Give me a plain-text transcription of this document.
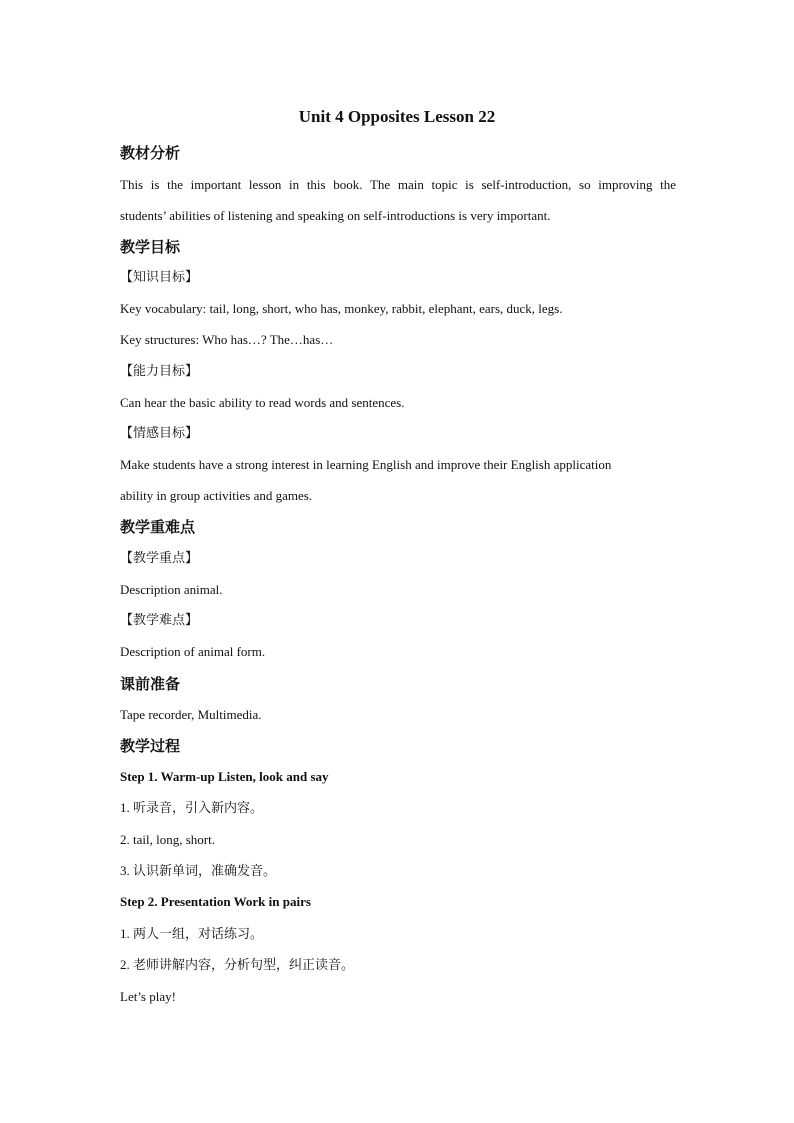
Unit 4 Opposites Lesson 22
教材分析
This is the important lesson in this book. The main topic is self-introduction, so improving the
students’ abilities of listening and speaking on self-introductions is very important.
教学目标
【知识目标】
Key vocabulary: tail, long, short, who has, monkey, rabbit, elephant, ears, duck, legs.
Key structures: Who has…? The…has…
【能力目标】
Can hear the basic ability to read words and sentences.
【情感目标】
Make students have a strong interest in learning English and improve their English application
ability in group activities and games.
教学重难点
【教学重点】
Description animal.
【教学难点】
Description of animal form.
课前准备
Tape recorder, Multimedia.
教学过程
Step 1. Warm-up Listen, look and say
1. 听录音，引入新内容。
2. tail, long, short.
3. 认识新单词，准确发音。
Step 2. Presentation Work in pairs
1. 两人一组，对话练习。
2. 老师讲解内容，分析句型，纠正读音。
Let’s play!
